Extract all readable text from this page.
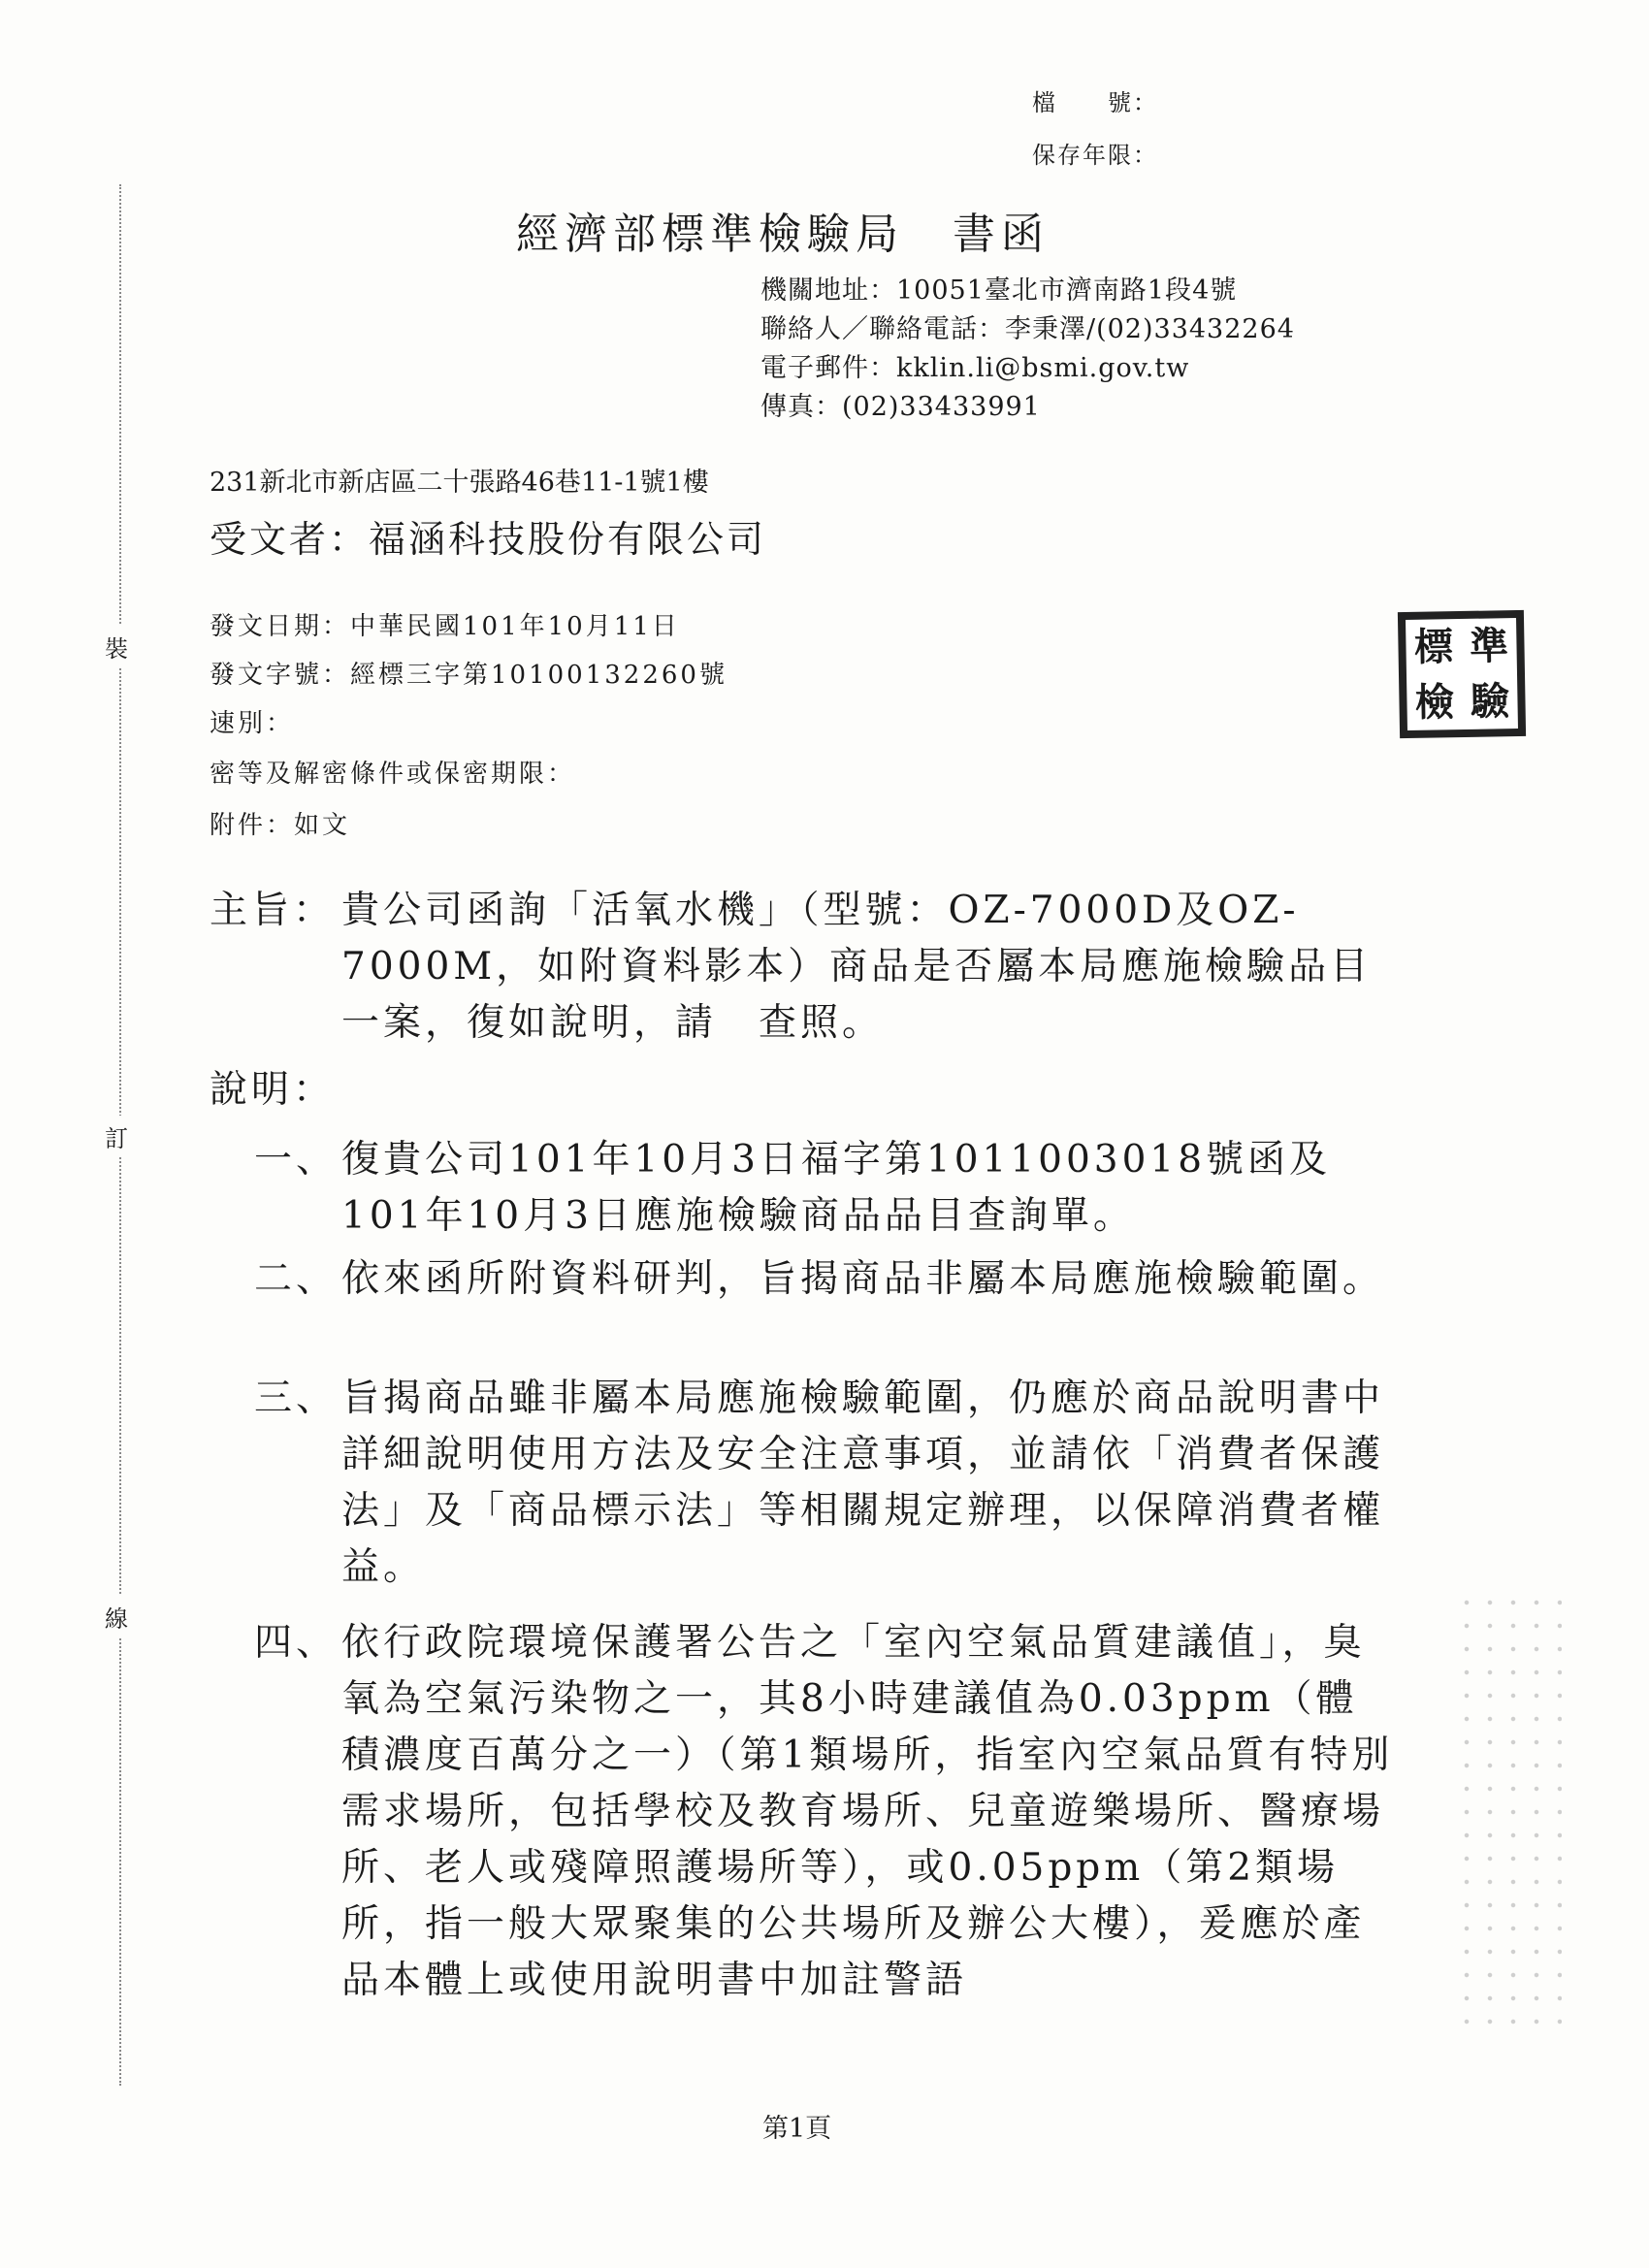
檔　　號：
保存年限：
裝
訂
線
經濟部標準檢驗局　書函
機關地址：10051臺北市濟南路1段4號
聯絡人／聯絡電話：李秉澤/(02)33432264
電子郵件：kklin.li@bsmi.gov.tw
傳真：(02)33433991
231新北市新店區二十張路46巷11-1號1樓
受文者：福涵科技股份有限公司
發文日期：中華民國101年10月11日
發文字號：經標三字第10100132260號
速別：
密等及解密條件或保密期限：
附件：如文
標 準
檢 驗
主旨： 貴公司函詢「活氧水機」（型號：OZ-7000D及OZ-7000M，如附資料影本）商品是否屬本局應施檢驗品目一案，復如說明，請　查照。
說明：
一、 復貴公司101年10月3日福字第1011003018號函及101年10月3日應施檢驗商品品目查詢單。
二、 依來函所附資料研判，旨揭商品非屬本局應施檢驗範圍。
三、 旨揭商品雖非屬本局應施檢驗範圍，仍應於商品說明書中詳細說明使用方法及安全注意事項，並請依「消費者保護法」及「商品標示法」等相關規定辦理，以保障消費者權益。
四、 依行政院環境保護署公告之「室內空氣品質建議值」，臭氧為空氣污染物之一，其8小時建議值為0.03ppm（體積濃度百萬分之一）（第1類場所，指室內空氣品質有特別需求場所，包括學校及教育場所、兒童遊樂場所、醫療場所、老人或殘障照護場所等），或0.05ppm（第2類場所，指一般大眾聚集的公共場所及辦公大樓），爰應於產品本體上或使用說明書中加註警語
第1頁
